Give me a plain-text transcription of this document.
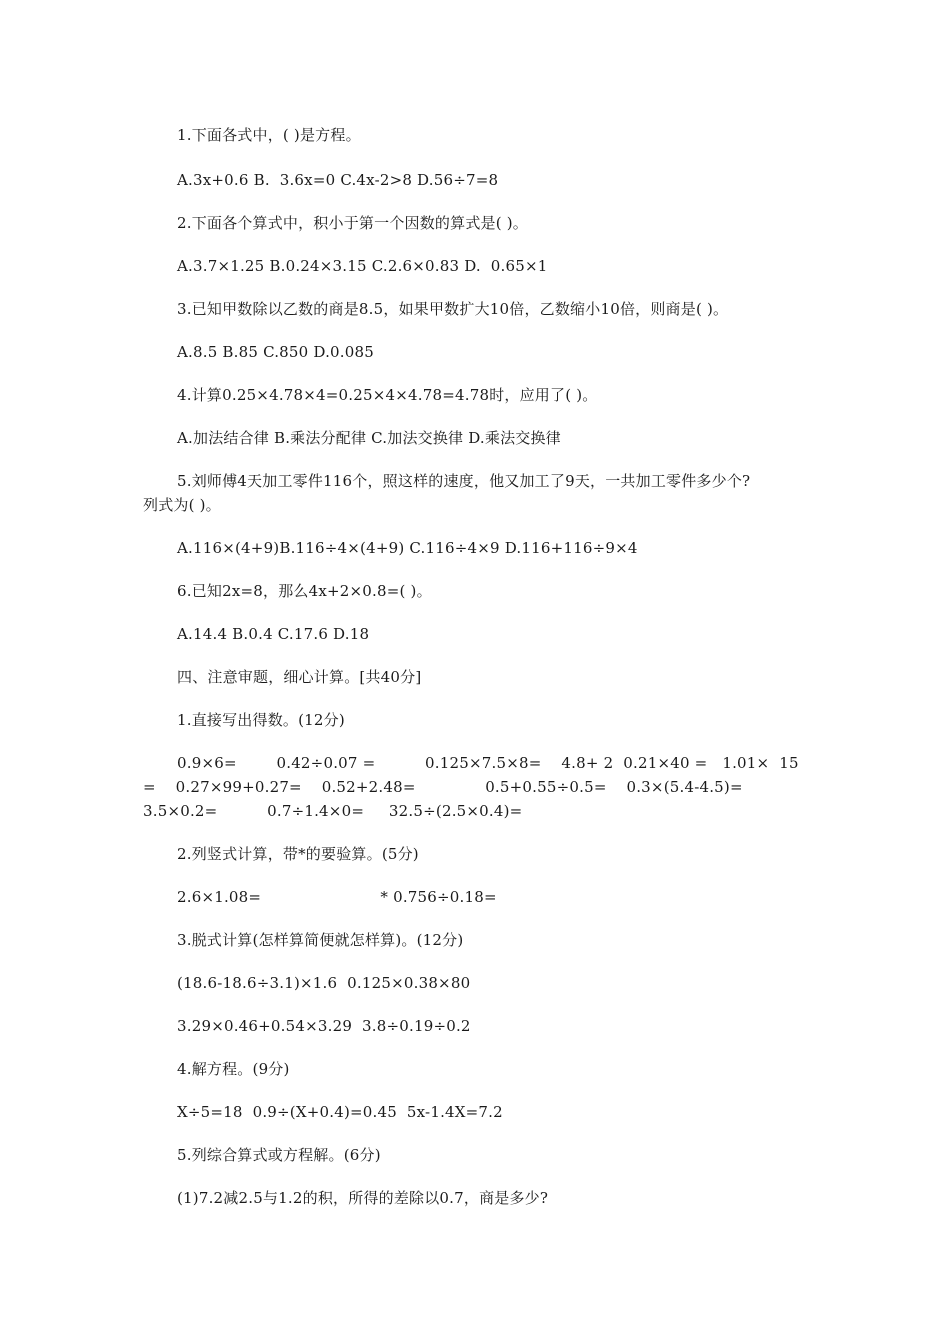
1.下面各式中，( )是方程。
A.3x+0.6 B.  3.6x=0 C.4x-2>8 D.56÷7=8
2.下面各个算式中，积小于第一个因数的算式是( )。
A.3.7×1.25 B.0.24×3.15 C.2.6×0.83 D.  0.65×1
3.已知甲数除以乙数的商是8.5，如果甲数扩大10倍，乙数缩小10倍，则商是( )。
A.8.5 B.85 C.850 D.0.085
4.计算0.25×4.78×4=0.25×4×4.78=4.78时，应用了( )。
A.加法结合律 B.乘法分配律 C.加法交换律 D.乘法交换律
5.刘师傅4天加工零件116个，照这样的速度，他又加工了9天，一共加工零件多少个?
列式为( )。
A.116×(4+9)B.116÷4×(4+9) C.116÷4×9 D.116+116÷9×4
6.已知2x=8，那么4x+2×0.8=( )。
A.14.4 B.0.4 C.17.6 D.18
四、注意审题，细心计算。[共40分]
1.直接写出得数。(12分)
0.9×6=        0.42÷0.07 =          0.125×7.5×8=    4.8+ 2  0.21×40 =   1.01×  15
=    0.27×99+0.27=    0.52+2.48=              0.5+0.55÷0.5=    0.3×(5.4-4.5)=
3.5×0.2=          0.7÷1.4×0=     32.5÷(2.5×0.4)=
2.列竖式计算，带*的要验算。(5分)
2.6×1.08=                        * 0.756÷0.18=
3.脱式计算(怎样算简便就怎样算)。(12分)
(18.6-18.6÷3.1)×1.6  0.125×0.38×80
3.29×0.46+0.54×3.29  3.8÷0.19÷0.2
4.解方程。(9分)
X÷5=18  0.9÷(X+0.4)=0.45  5x-1.4X=7.2
5.列综合算式或方程解。(6分)
(1)7.2减2.5与1.2的积，所得的差除以0.7，商是多少?
